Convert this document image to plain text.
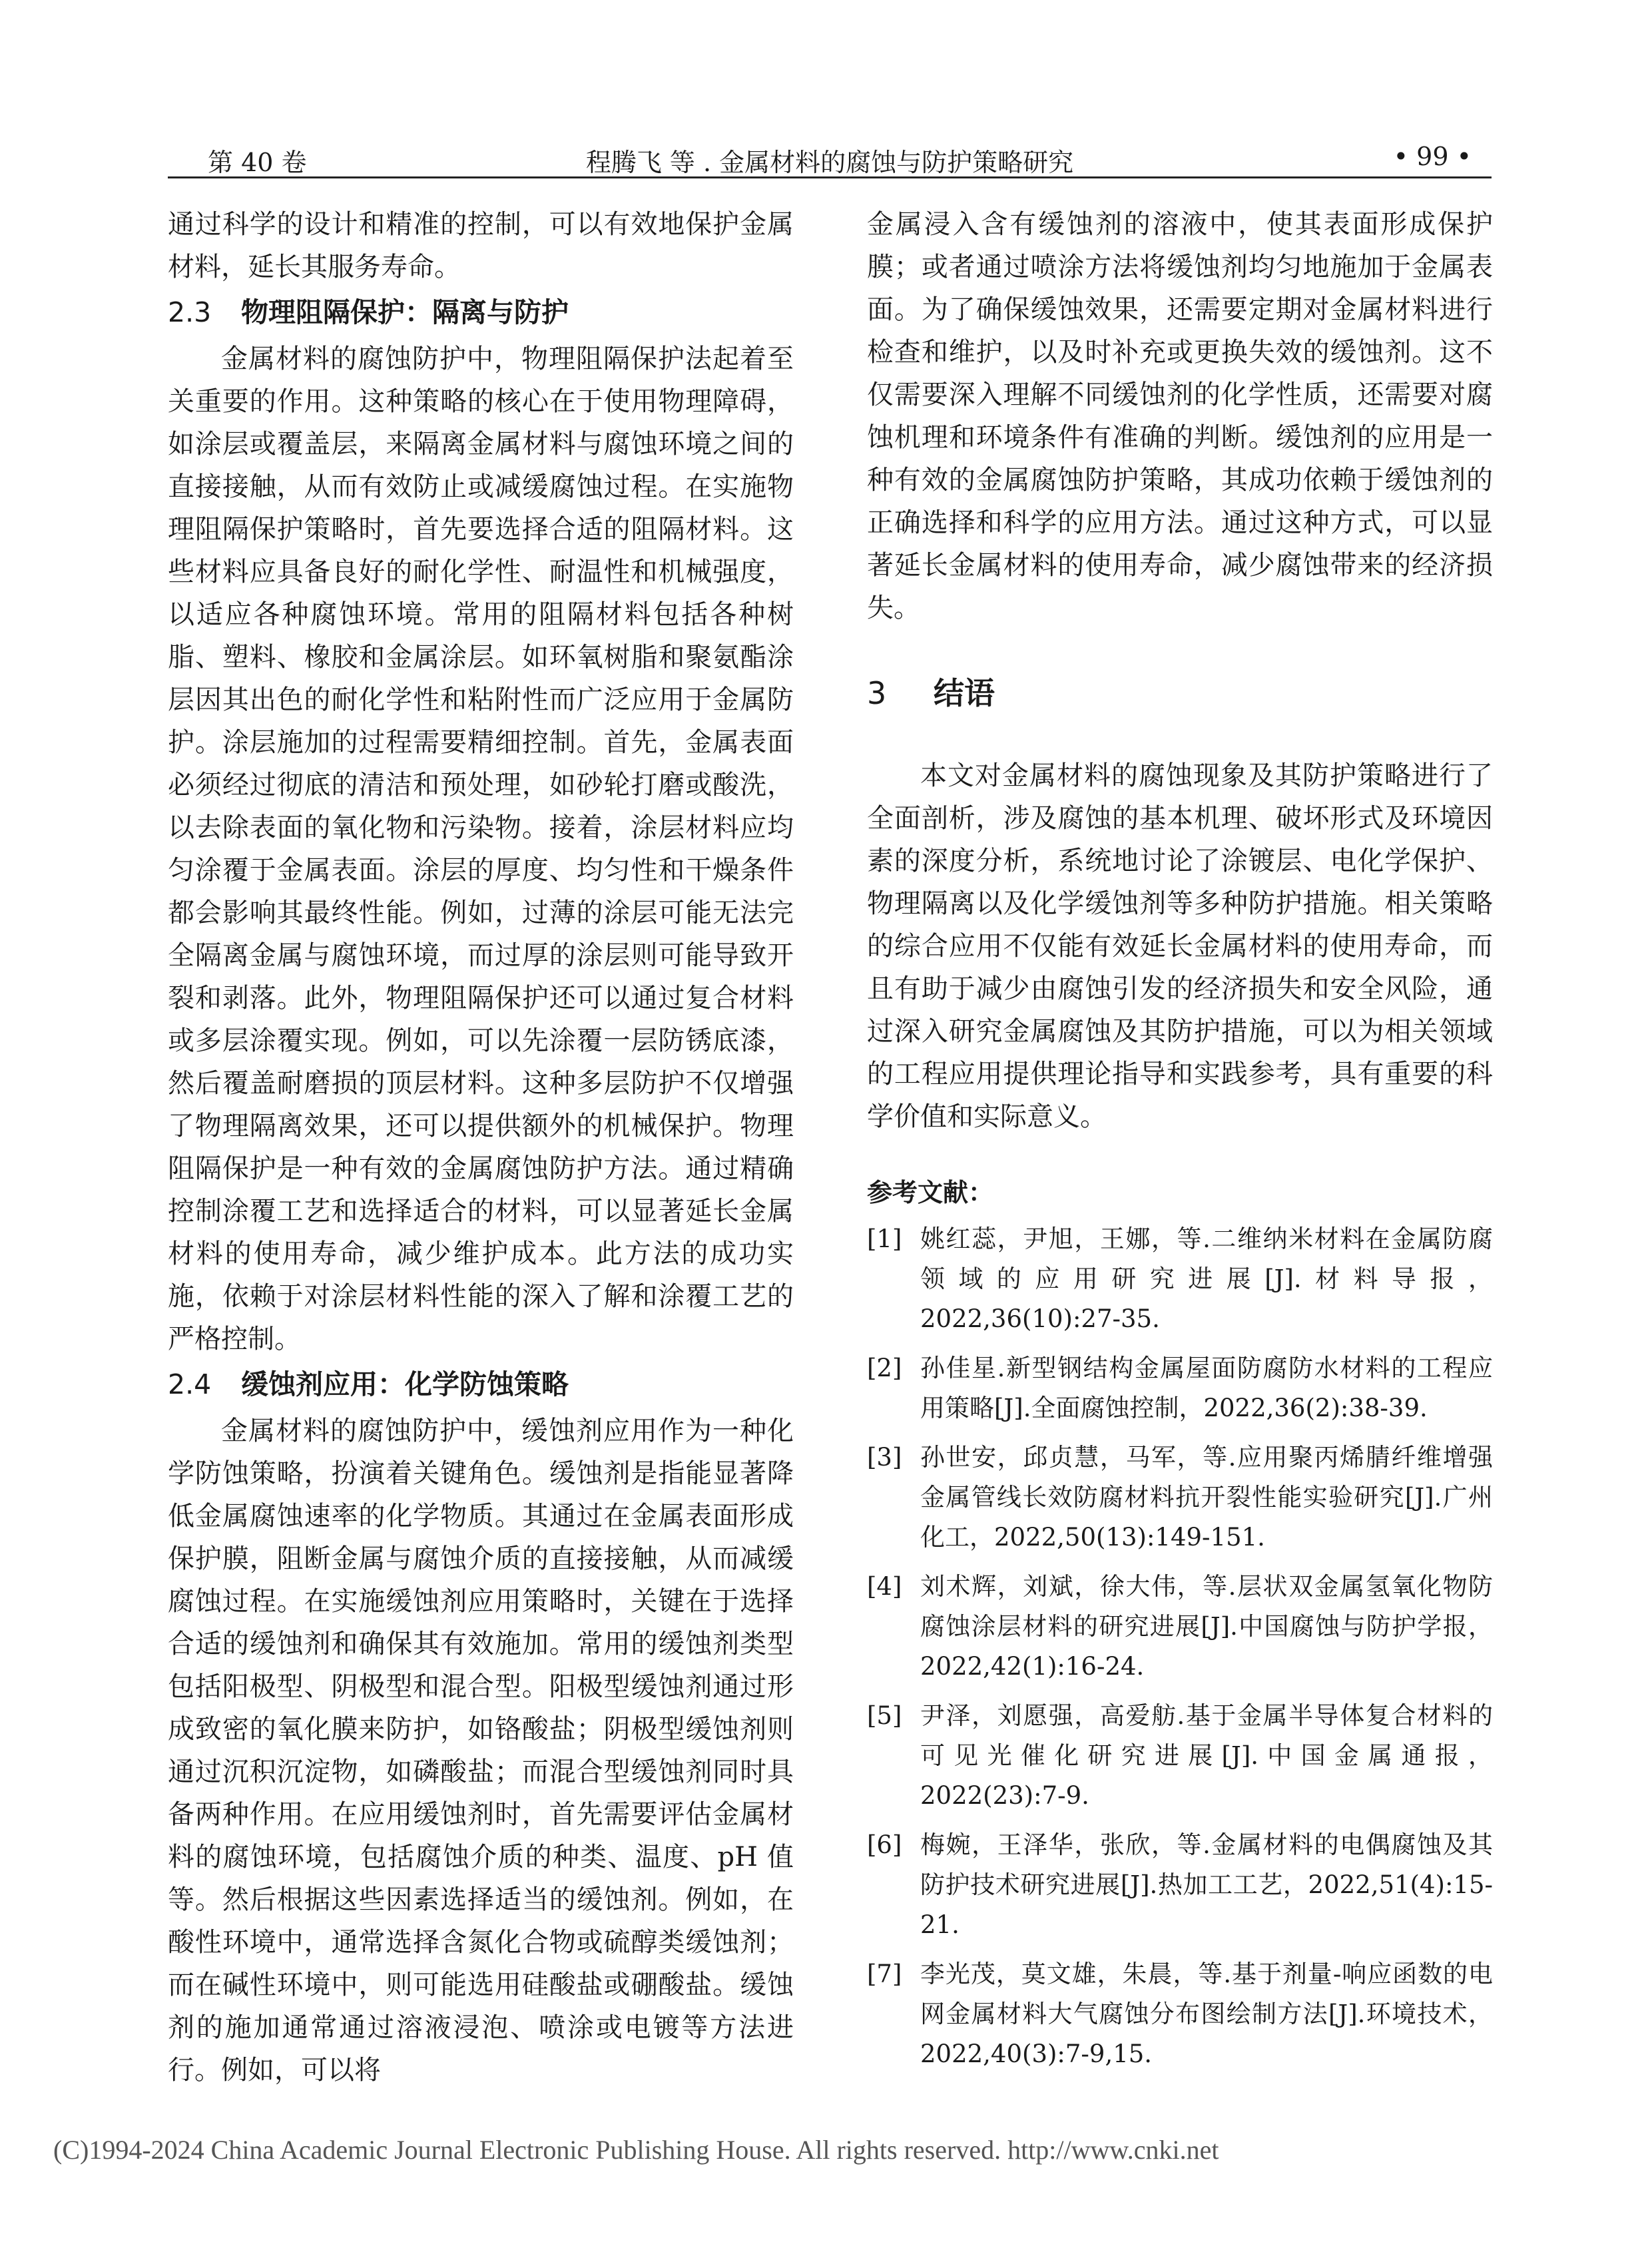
第 40 卷	程腾飞 等 . 金属材料的腐蚀与防护策略研究	• 99 •

通过科学的设计和精准的控制，可以有效地保护金属材料，延长其服务寿命。

2.3 物理阻隔保护：隔离与防护

金属材料的腐蚀防护中，物理阻隔保护法起着至关重要的作用。这种策略的核心在于使用物理障碍，如涂层或覆盖层，来隔离金属材料与腐蚀环境之间的直接接触，从而有效防止或减缓腐蚀过程。在实施物理阻隔保护策略时，首先要选择合适的阻隔材料。这些材料应具备良好的耐化学性、耐温性和机械强度，以适应各种腐蚀环境。常用的阻隔材料包括各种树脂、塑料、橡胶和金属涂层。如环氧树脂和聚氨酯涂层因其出色的耐化学性和粘附性而广泛应用于金属防护。涂层施加的过程需要精细控制。首先，金属表面必须经过彻底的清洁和预处理，如砂轮打磨或酸洗，以去除表面的氧化物和污染物。接着，涂层材料应均匀涂覆于金属表面。涂层的厚度、均匀性和干燥条件都会影响其最终性能。例如，过薄的涂层可能无法完全隔离金属与腐蚀环境，而过厚的涂层则可能导致开裂和剥落。此外，物理阻隔保护还可以通过复合材料或多层涂覆实现。例如，可以先涂覆一层防锈底漆，然后覆盖耐磨损的顶层材料。这种多层防护不仅增强了物理隔离效果，还可以提供额外的机械保护。物理阻隔保护是一种有效的金属腐蚀防护方法。通过精确控制涂覆工艺和选择适合的材料，可以显著延长金属材料的使用寿命，减少维护成本。此方法的成功实施，依赖于对涂层材料性能的深入了解和涂覆工艺的严格控制。

2.4 缓蚀剂应用：化学防蚀策略

金属材料的腐蚀防护中，缓蚀剂应用作为一种化学防蚀策略，扮演着关键角色。缓蚀剂是指能显著降低金属腐蚀速率的化学物质。其通过在金属表面形成保护膜，阻断金属与腐蚀介质的直接接触，从而减缓腐蚀过程。在实施缓蚀剂应用策略时，关键在于选择合适的缓蚀剂和确保其有效施加。常用的缓蚀剂类型包括阳极型、阴极型和混合型。阳极型缓蚀剂通过形成致密的氧化膜来防护，如铬酸盐；阴极型缓蚀剂则通过沉积沉淀物，如磷酸盐；而混合型缓蚀剂同时具备两种作用。在应用缓蚀剂时，首先需要评估金属材料的腐蚀环境，包括腐蚀介质的种类、温度、pH 值等。然后根据这些因素选择适当的缓蚀剂。例如，在酸性环境中，通常选择含氮化合物或硫醇类缓蚀剂；而在碱性环境中，则可能选用硅酸盐或硼酸盐。缓蚀剂的施加通常通过溶液浸泡、喷涂或电镀等方法进行。例如，可以将

金属浸入含有缓蚀剂的溶液中，使其表面形成保护膜；或者通过喷涂方法将缓蚀剂均匀地施加于金属表面。为了确保缓蚀效果，还需要定期对金属材料进行检查和维护，以及时补充或更换失效的缓蚀剂。这不仅需要深入理解不同缓蚀剂的化学性质，还需要对腐蚀机理和环境条件有准确的判断。缓蚀剂的应用是一种有效的金属腐蚀防护策略，其成功依赖于缓蚀剂的正确选择和科学的应用方法。通过这种方式，可以显著延长金属材料的使用寿命，减少腐蚀带来的经济损失。

3 结语

本文对金属材料的腐蚀现象及其防护策略进行了全面剖析，涉及腐蚀的基本机理、破坏形式及环境因素的深度分析，系统地讨论了涂镀层、电化学保护、物理隔离以及化学缓蚀剂等多种防护措施。相关策略的综合应用不仅能有效延长金属材料的使用寿命，而且有助于减少由腐蚀引发的经济损失和安全风险，通过深入研究金属腐蚀及其防护措施，可以为相关领域的工程应用提供理论指导和实践参考，具有重要的科学价值和实际意义。

参考文献：
[1] 姚红蕊，尹旭，王娜，等.二维纳米材料在金属防腐领域的应用研究进展[J].材料导报，2022,36(10):27-35.
[2] 孙佳星.新型钢结构金属屋面防腐防水材料的工程应用策略[J].全面腐蚀控制，2022,36(2):38-39.
[3] 孙世安，邱贞慧，马军，等.应用聚丙烯腈纤维增强金属管线长效防腐材料抗开裂性能实验研究[J].广州化工，2022,50(13):149-151.
[4] 刘术辉，刘斌，徐大伟，等.层状双金属氢氧化物防腐蚀涂层材料的研究进展[J].中国腐蚀与防护学报，2022,42(1):16-24.
[5] 尹泽，刘愿强，高爱舫.基于金属半导体复合材料的可见光催化研究进展[J].中国金属通报，2022(23):7-9.
[6] 梅婉，王泽华，张欣，等.金属材料的电偶腐蚀及其防护技术研究进展[J].热加工工艺，2022,51(4):15-21.
[7] 李光茂，莫文雄，朱晨，等.基于剂量-响应函数的电网金属材料大气腐蚀分布图绘制方法[J].环境技术，2022,40(3):7-9,15.
(C)1994-2024 China Academic Journal Electronic Publishing House. All rights reserved. http://www.cnki.net
